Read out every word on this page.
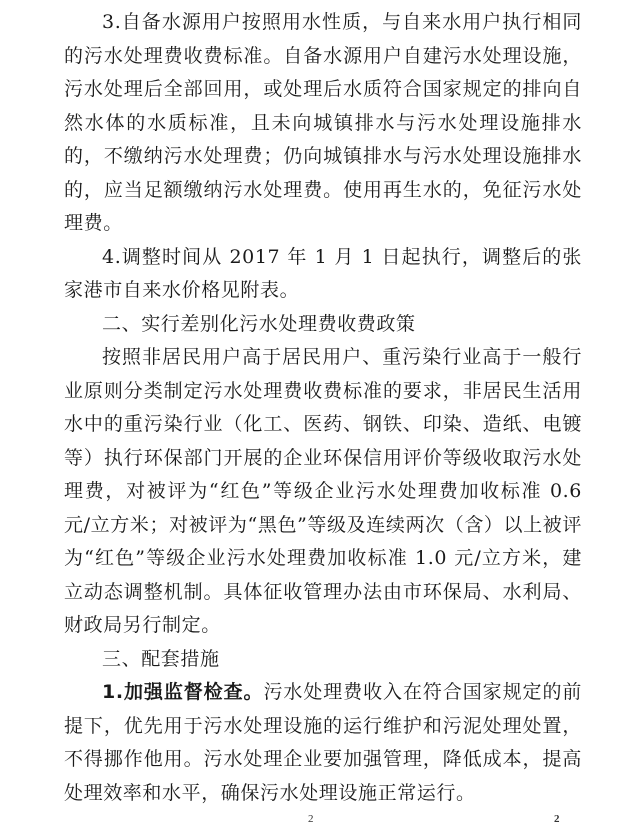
3.自备水源用户按照用水性质，与自来水用户执行相同的污水处理费收费标准。自备水源用户自建污水处理设施，污水处理后全部回用，或处理后水质符合国家规定的排向自然水体的水质标准，且未向城镇排水与污水处理设施排水的，不缴纳污水处理费；仍向城镇排水与污水处理设施排水的，应当足额缴纳污水处理费。使用再生水的，免征污水处理费。

4.调整时间从 2017 年 1 月 1 日起执行，调整后的张家港市自来水价格见附表。

二、实行差别化污水处理费收费政策

按照非居民用户高于居民用户、重污染行业高于一般行业原则分类制定污水处理费收费标准的要求，非居民生活用水中的重污染行业（化工、医药、钢铁、印染、造纸、电镀等）执行环保部门开展的企业环保信用评价等级收取污水处理费，对被评为“红色”等级企业污水处理费加收标准 0.6 元/立方米；对被评为“黑色”等级及连续两次（含）以上被评为“红色”等级企业污水处理费加收标准 1.0 元/立方米，建立动态调整机制。具体征收管理办法由市环保局、水利局、财政局另行制定。

三、配套措施

1.加强监督检查。污水处理费收入在符合国家规定的前提下，优先用于污水处理设施的运行维护和污泥处理处置，不得挪作他用。污水处理企业要加强管理，降低成本，提高处理效率和水平，确保污水处理设施正常运行。

2	2
